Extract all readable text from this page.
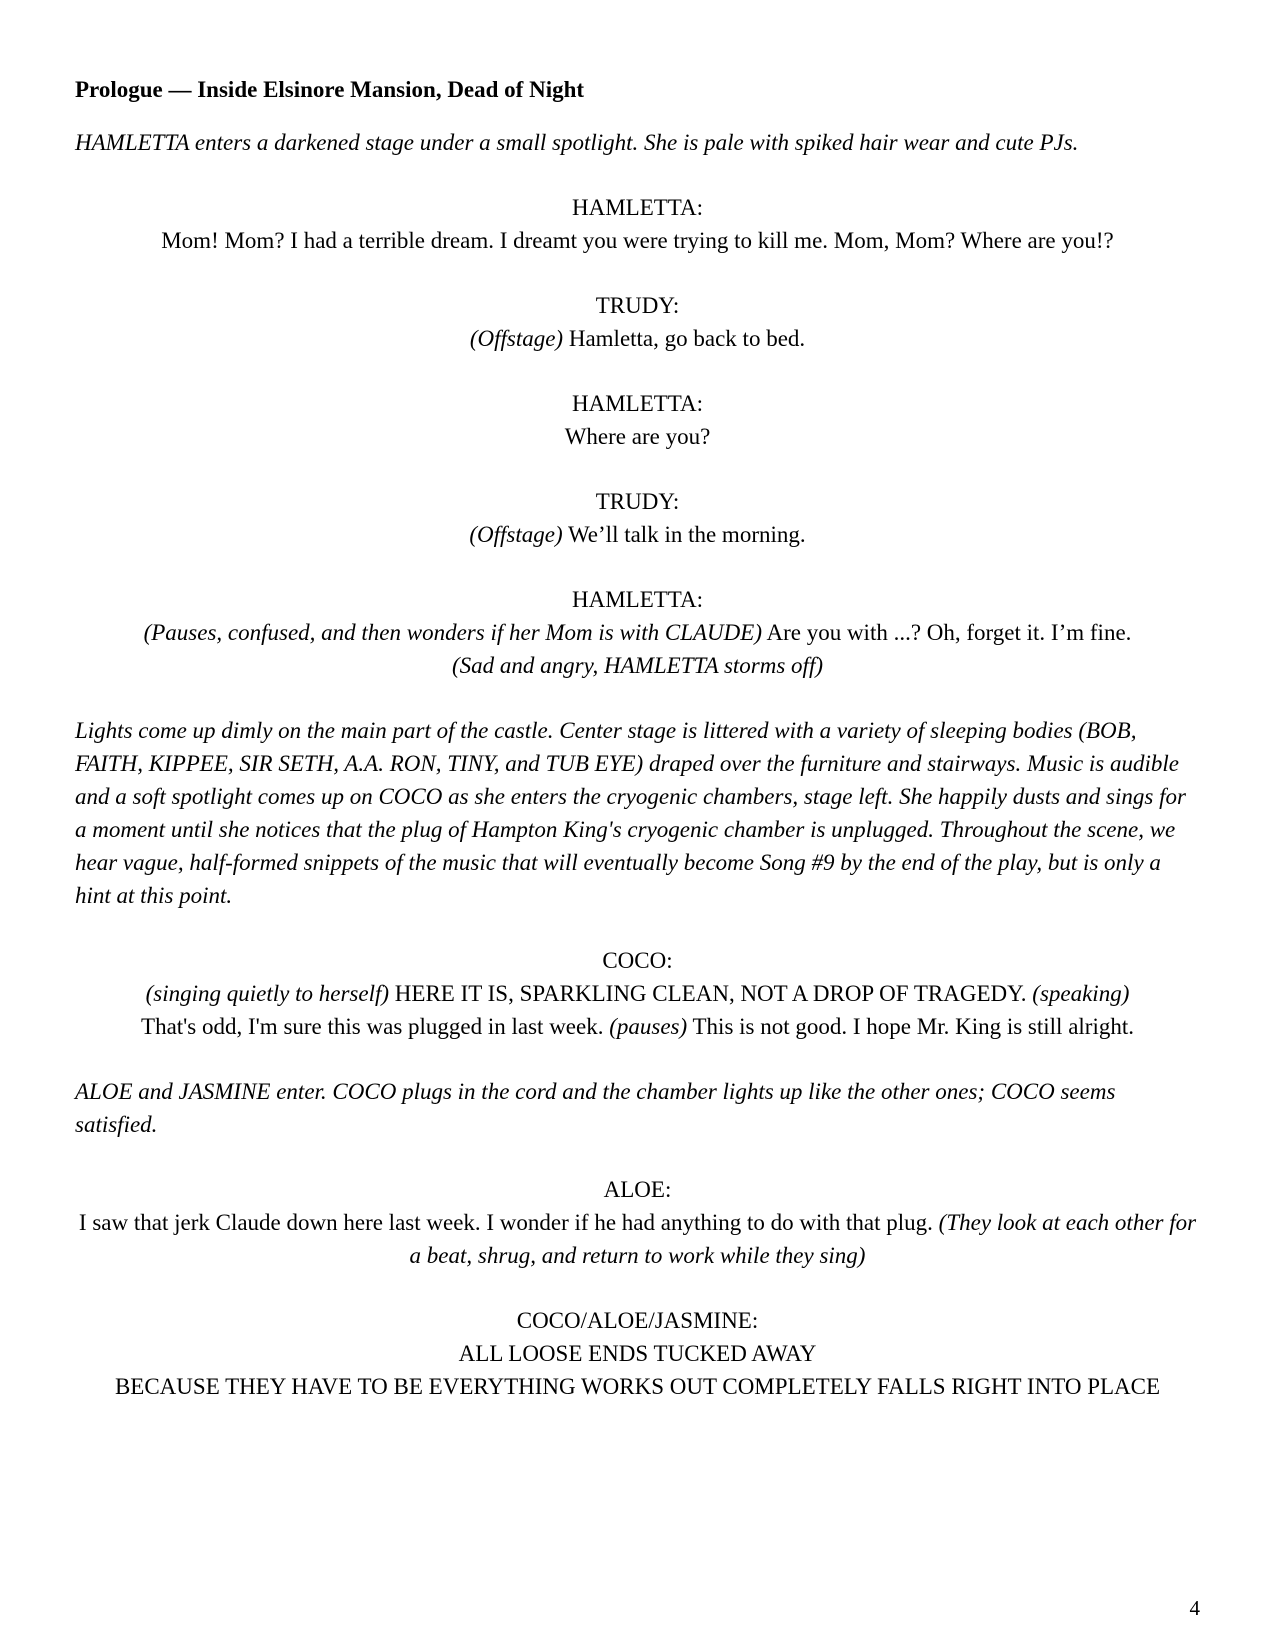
Prologue — Inside Elsinore Mansion, Dead of Night

HAMLETTA enters a darkened stage under a small spotlight. She is pale with spiked hair wear and cute PJs.

HAMLETTA:

Mom! Mom? I had a terrible dream. I dreamt you were trying to kill me. Mom, Mom? Where are you!?

TRUDY:

(Offstage) Hamletta, go back to bed.

HAMLETTA:

Where are you?

TRUDY:

(Offstage) We’ll talk in the morning.

HAMLETTA:

(Pauses, confused, and then wonders if her Mom is with CLAUDE) Are you with ...? Oh, forget it. I’m fine.

(Sad and angry, HAMLETTA storms off)

Lights come up dimly on the main part of the castle. Center stage is littered with a variety of sleeping bodies (BOB, FAITH, KIPPEE, SIR SETH, A.A. RON, TINY, and TUB EYE) draped over the furniture and stairways. Music is audible and a soft spotlight comes up on COCO as she enters the cryogenic chambers, stage left. She happily dusts and sings for a moment until she notices that the plug of Hampton King's cryogenic chamber is unplugged. Throughout the scene, we hear vague, half-formed snippets of the music that will eventually become Song #9 by the end of the play, but is only a hint at this point.

COCO:

(singing quietly to herself) HERE IT IS, SPARKLING CLEAN, NOT A DROP OF TRAGEDY. (speaking)
That's odd, I'm sure this was plugged in last week. (pauses) This is not good. I hope Mr. King is still alright.

ALOE and JASMINE enter. COCO plugs in the cord and the chamber lights up like the other ones; COCO seems satisfied.

ALOE:

I saw that jerk Claude down here last week. I wonder if he had anything to do with that plug. (They look at each other for a beat, shrug, and return to work while they sing)

COCO/ALOE/JASMINE:

ALL LOOSE ENDS TUCKED AWAY

BECAUSE THEY HAVE TO BE EVERYTHING WORKS OUT COMPLETELY FALLS RIGHT INTO PLACE

4
